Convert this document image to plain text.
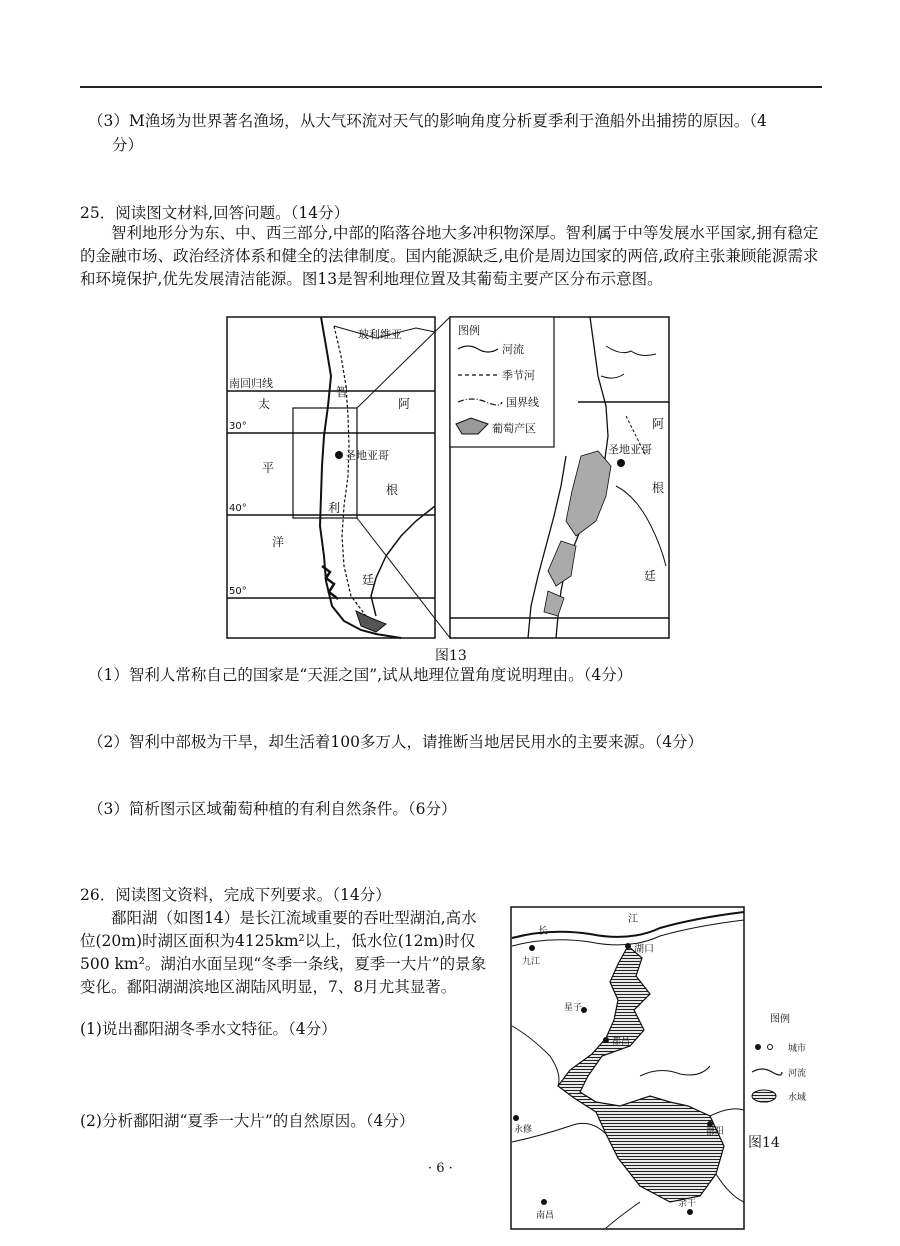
（3）M渔场为世界著名渔场，从大气环流对天气的影响角度分析夏季利于渔船外出捕捞的原因。（4
分）
25．阅读图文材料,回答问题。（14分）
智利地形分为东、中、西三部分,中部的陷落谷地大多冲积物深厚。智利属于中等发展水平国家,拥有稳定的金融市场、政治经济体系和健全的法律制度。国内能源缺乏,电价是周边国家的两倍,政府主张兼顾能源需求和环境保护,优先发展清洁能源。图13是智利地理位置及其葡萄主要产区分布示意图。
玻利维亚
南回归线
30°
40°
50°
太
平
洋
智
利
阿
根
廷
圣地亚哥
图例
河流
季节河
国界线
葡萄产区
圣地亚哥
阿
根
廷
图13
（1）智利人常称自己的国家是“天涯之国”,试从地理位置角度说明理由。（4分）
（2）智利中部极为干旱，却生活着100多万人，请推断当地居民用水的主要来源。（4分）
（3）简析图示区域葡萄种植的有利自然条件。（6分）
26．阅读图文资料，完成下列要求。（14分）
鄱阳湖（如图14）是长江流域重要的吞吐型湖泊,高水位(20m)时湖区面积为4125km²以上，低水位(12m)时仅500 km²。湖泊水面呈现“冬季一条线，夏季一大片”的景象变化。鄱阳湖湖滨地区湖陆风明显，7、8月尤其显著。
(1)说出鄱阳湖冬季水文特征。（4分）
(2)分析鄱阳湖“夏季一大片”的自然原因。（4分）
长
江
湖口
九江
星子
都昌
鄱阳
永修
南昌
余干
图例
城市
河流
水域
图14
· 6 ·
